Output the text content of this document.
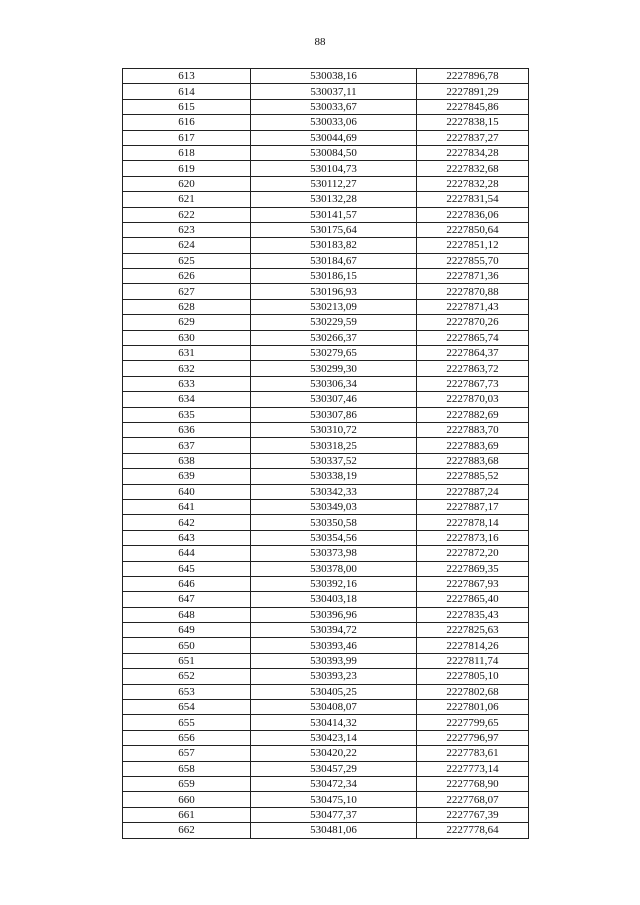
88
613	530038,16	2227896,78
614	530037,11	2227891,29
615	530033,67	2227845,86
616	530033,06	2227838,15
617	530044,69	2227837,27
618	530084,50	2227834,28
619	530104,73	2227832,68
620	530112,27	2227832,28
621	530132,28	2227831,54
622	530141,57	2227836,06
623	530175,64	2227850,64
624	530183,82	2227851,12
625	530184,67	2227855,70
626	530186,15	2227871,36
627	530196,93	2227870,88
628	530213,09	2227871,43
629	530229,59	2227870,26
630	530266,37	2227865,74
631	530279,65	2227864,37
632	530299,30	2227863,72
633	530306,34	2227867,73
634	530307,46	2227870,03
635	530307,86	2227882,69
636	530310,72	2227883,70
637	530318,25	2227883,69
638	530337,52	2227883,68
639	530338,19	2227885,52
640	530342,33	2227887,24
641	530349,03	2227887,17
642	530350,58	2227878,14
643	530354,56	2227873,16
644	530373,98	2227872,20
645	530378,00	2227869,35
646	530392,16	2227867,93
647	530403,18	2227865,40
648	530396,96	2227835,43
649	530394,72	2227825,63
650	530393,46	2227814,26
651	530393,99	2227811,74
652	530393,23	2227805,10
653	530405,25	2227802,68
654	530408,07	2227801,06
655	530414,32	2227799,65
656	530423,14	2227796,97
657	530420,22	2227783,61
658	530457,29	2227773,14
659	530472,34	2227768,90
660	530475,10	2227768,07
661	530477,37	2227767,39
662	530481,06	2227778,64
